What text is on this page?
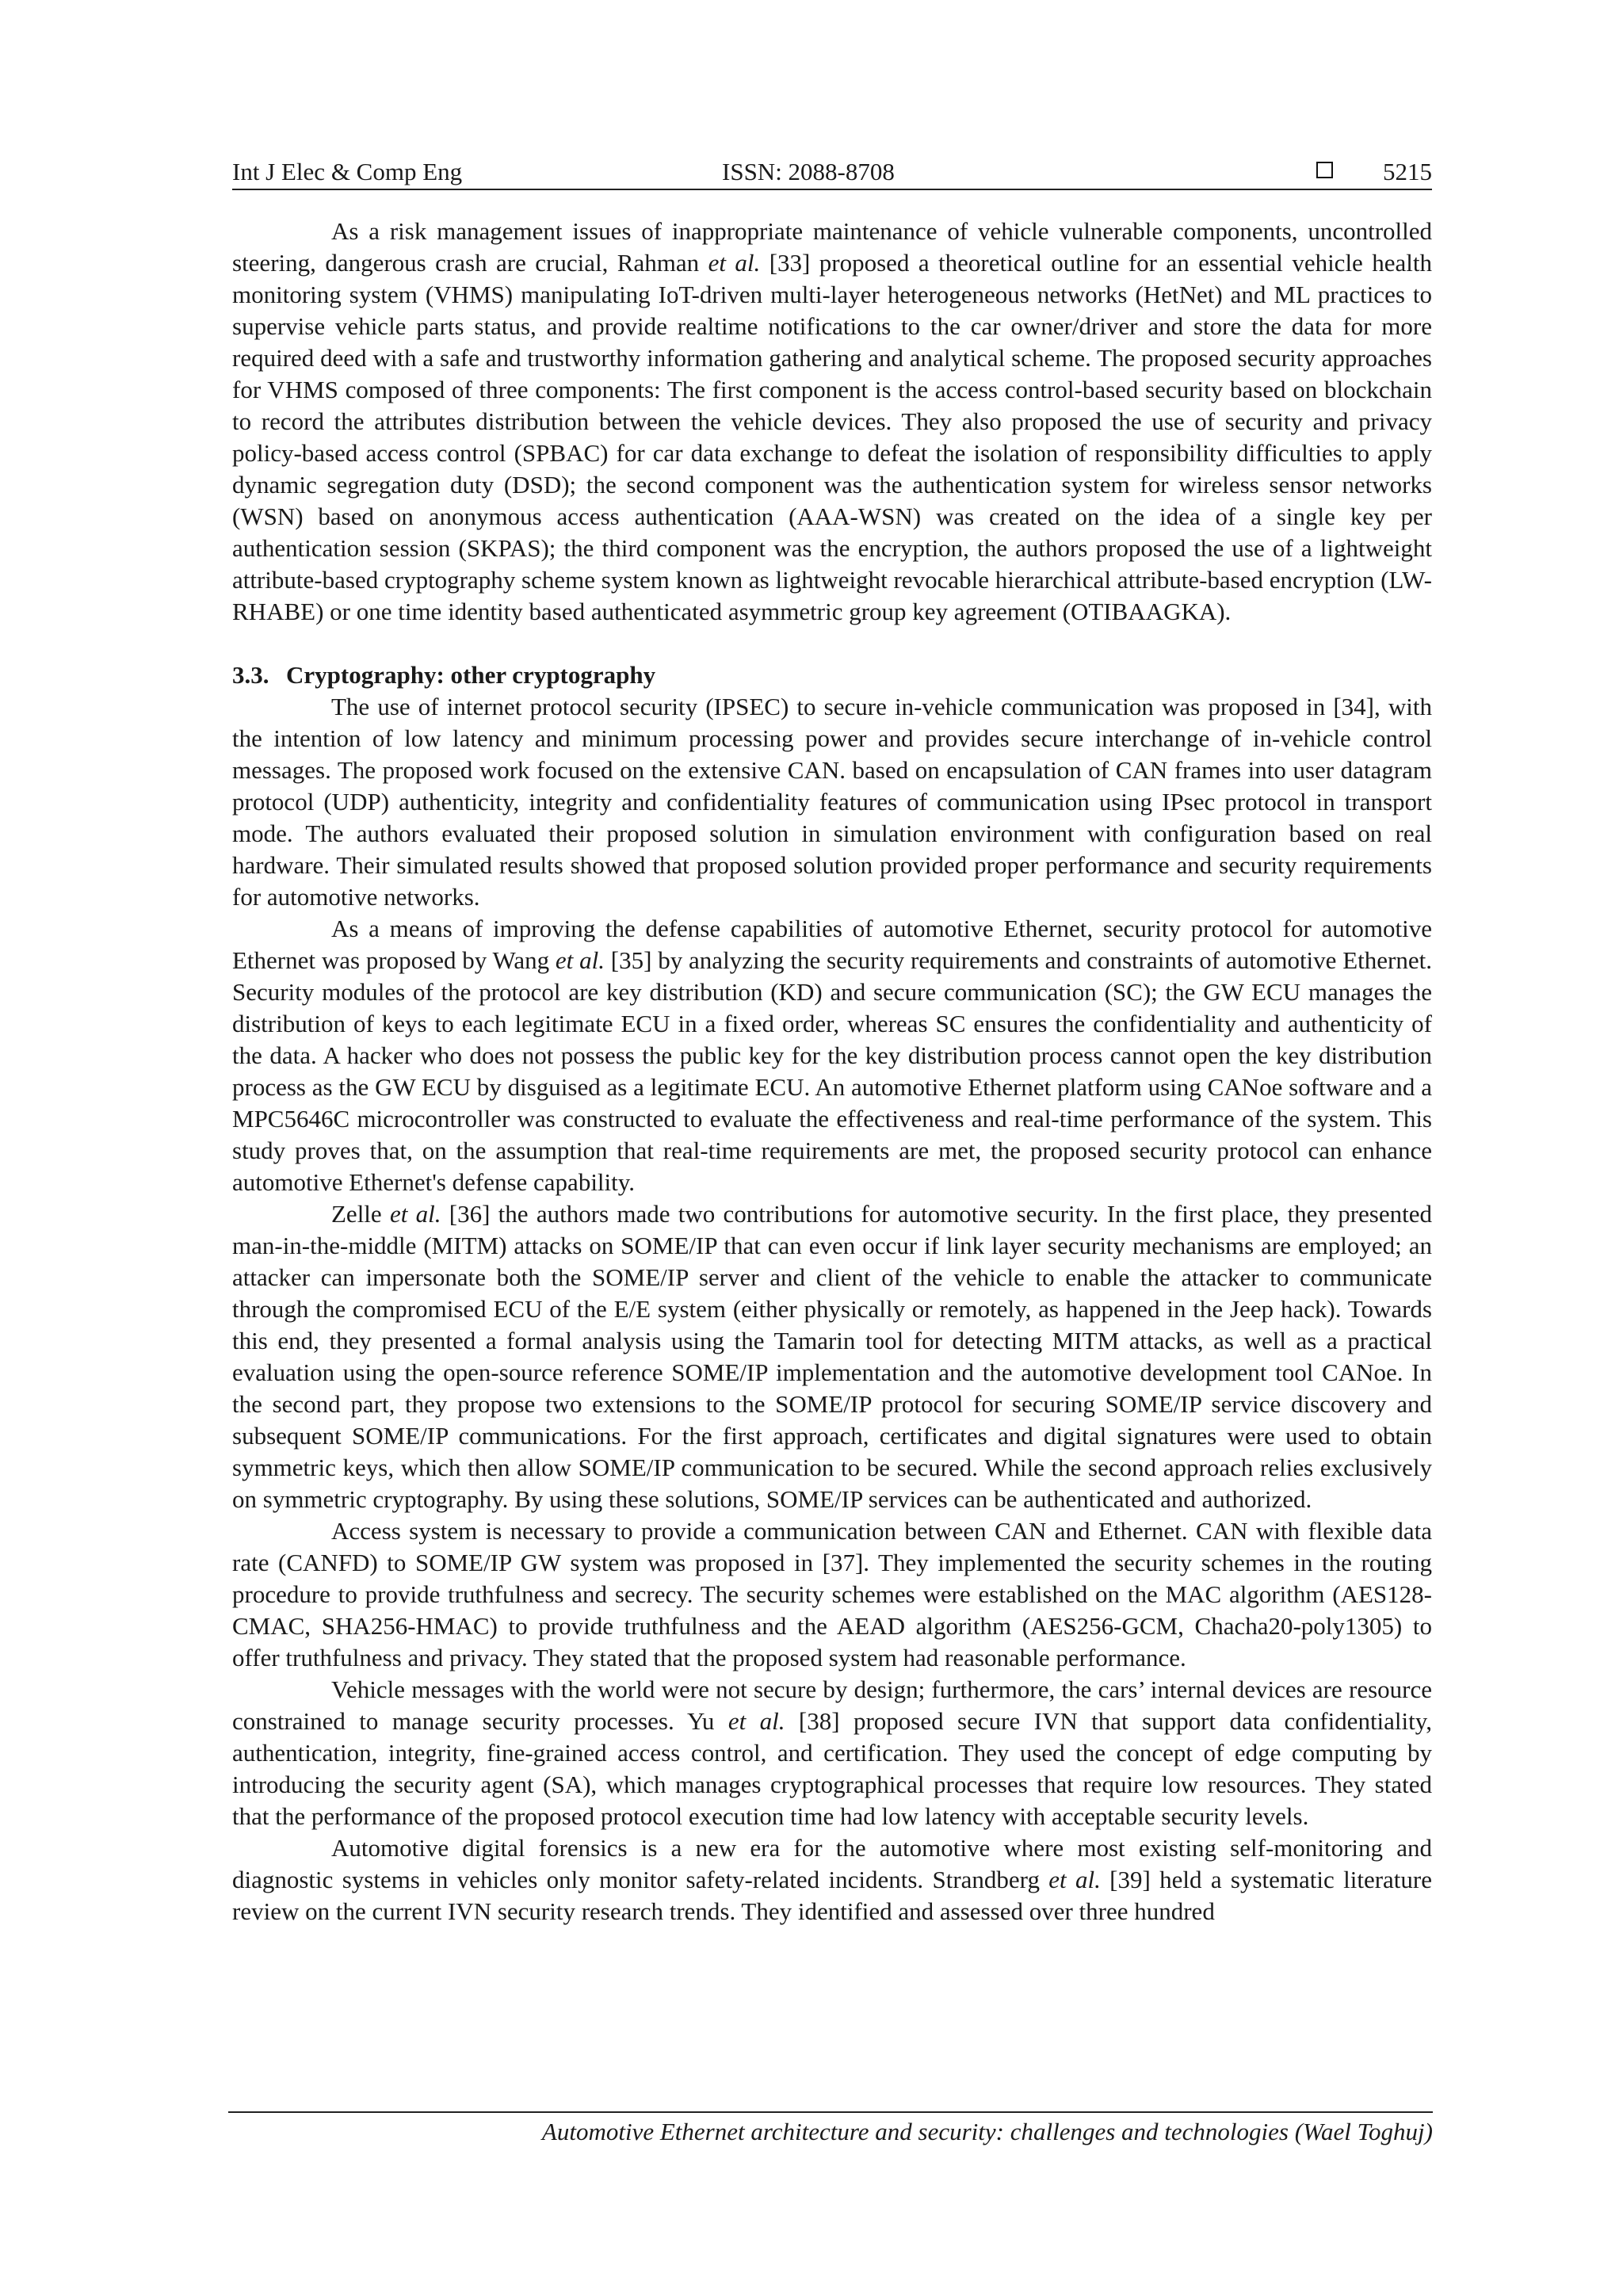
Int J Elec & Comp Eng	ISSN: 2088-8708	5215

As a risk management issues of inappropriate maintenance of vehicle vulnerable components, uncontrolled steering, dangerous crash are crucial, Rahman et al. [33] proposed a theoretical outline for an essential vehicle health monitoring system (VHMS) manipulating IoT-driven multi-layer heterogeneous networks (HetNet) and ML practices to supervise vehicle parts status, and provide realtime notifications to the car owner/driver and store the data for more required deed with a safe and trustworthy information gathering and analytical scheme. The proposed security approaches for VHMS composed of three components: The first component is the access control-based security based on blockchain to record the attributes distribution between the vehicle devices. They also proposed the use of security and privacy policy-based access control (SPBAC) for car data exchange to defeat the isolation of responsibility difficulties to apply dynamic segregation duty (DSD); the second component was the authentication system for wireless sensor networks (WSN) based on anonymous access authentication (AAA-WSN) was created on the idea of a single key per authentication session (SKPAS); the third component was the encryption, the authors proposed the use of a lightweight attribute-based cryptography scheme system known as lightweight revocable hierarchical attribute-based encryption (LW-RHABE) or one time identity based authenticated asymmetric group key agreement (OTIBAAGKA).

3.3. Cryptography: other cryptography

The use of internet protocol security (IPSEC) to secure in-vehicle communication was proposed in [34], with the intention of low latency and minimum processing power and provides secure interchange of in-vehicle control messages. The proposed work focused on the extensive CAN. based on encapsulation of CAN frames into user datagram protocol (UDP) authenticity, integrity and confidentiality features of communication using IPsec protocol in transport mode. The authors evaluated their proposed solution in simulation environment with configuration based on real hardware. Their simulated results showed that proposed solution provided proper performance and security requirements for automotive networks.

As a means of improving the defense capabilities of automotive Ethernet, security protocol for automotive Ethernet was proposed by Wang et al. [35] by analyzing the security requirements and constraints of automotive Ethernet. Security modules of the protocol are key distribution (KD) and secure communication (SC); the GW ECU manages the distribution of keys to each legitimate ECU in a fixed order, whereas SC ensures the confidentiality and authenticity of the data. A hacker who does not possess the public key for the key distribution process cannot open the key distribution process as the GW ECU by disguised as a legitimate ECU. An automotive Ethernet platform using CANoe software and a MPC5646C microcontroller was constructed to evaluate the effectiveness and real-time performance of the system. This study proves that, on the assumption that real-time requirements are met, the proposed security protocol can enhance automotive Ethernet's defense capability.

Zelle et al. [36] the authors made two contributions for automotive security. In the first place, they presented man-in-the-middle (MITM) attacks on SOME/IP that can even occur if link layer security mechanisms are employed; an attacker can impersonate both the SOME/IP server and client of the vehicle to enable the attacker to communicate through the compromised ECU of the E/E system (either physically or remotely, as happened in the Jeep hack). Towards this end, they presented a formal analysis using the Tamarin tool for detecting MITM attacks, as well as a practical evaluation using the open-source reference SOME/IP implementation and the automotive development tool CANoe. In the second part, they propose two extensions to the SOME/IP protocol for securing SOME/IP service discovery and subsequent SOME/IP communications. For the first approach, certificates and digital signatures were used to obtain symmetric keys, which then allow SOME/IP communication to be secured. While the second approach relies exclusively on symmetric cryptography. By using these solutions, SOME/IP services can be authenticated and authorized.

Access system is necessary to provide a communication between CAN and Ethernet. CAN with flexible data rate (CANFD) to SOME/IP GW system was proposed in [37]. They implemented the security schemes in the routing procedure to provide truthfulness and secrecy. The security schemes were established on the MAC algorithm (AES128-CMAC, SHA256-HMAC) to provide truthfulness and the AEAD algorithm (AES256-GCM, Chacha20-poly1305) to offer truthfulness and privacy. They stated that the proposed system had reasonable performance.

Vehicle messages with the world were not secure by design; furthermore, the cars’ internal devices are resource constrained to manage security processes. Yu et al. [38] proposed secure IVN that support data confidentiality, authentication, integrity, fine-grained access control, and certification. They used the concept of edge computing by introducing the security agent (SA), which manages cryptographical processes that require low resources. They stated that the performance of the proposed protocol execution time had low latency with acceptable security levels.

Automotive digital forensics is a new era for the automotive where most existing self-monitoring and diagnostic systems in vehicles only monitor safety-related incidents. Strandberg et al. [39] held a systematic literature review on the current IVN security research trends. They identified and assessed over three hundred

Automotive Ethernet architecture and security: challenges and technologies (Wael Toghuj)
